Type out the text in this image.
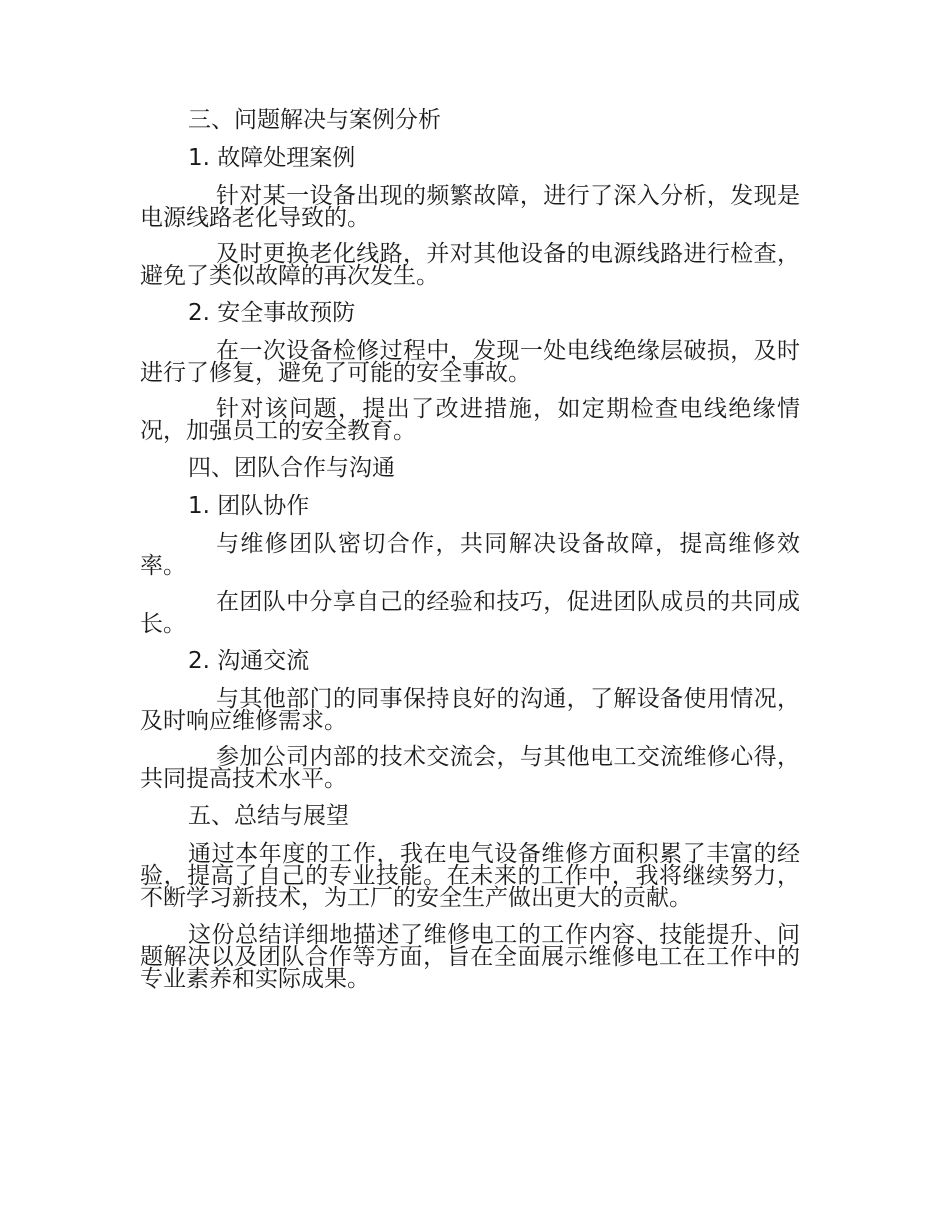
三、问题解决与案例分析
1. 故障处理案例
针对某一设备出现的频繁故障，进行了深入分析，发现是电源线路老化导致的。
及时更换老化线路，并对其他设备的电源线路进行检查，避免了类似故障的再次发生。
2. 安全事故预防
在一次设备检修过程中，发现一处电线绝缘层破损，及时进行了修复，避免了可能的安全事故。
针对该问题，提出了改进措施，如定期检查电线绝缘情况，加强员工的安全教育。
四、团队合作与沟通
1. 团队协作
与维修团队密切合作，共同解决设备故障，提高维修效率。
在团队中分享自己的经验和技巧，促进团队成员的共同成长。
2. 沟通交流
与其他部门的同事保持良好的沟通，了解设备使用情况，及时响应维修需求。
参加公司内部的技术交流会，与其他电工交流维修心得，共同提高技术水平。
五、总结与展望
通过本年度的工作，我在电气设备维修方面积累了丰富的经验，提高了自己的专业技能。在未来的工作中，我将继续努力，不断学习新技术，为工厂的安全生产做出更大的贡献。
这份总结详细地描述了维修电工的工作内容、技能提升、问题解决以及团队合作等方面，旨在全面展示维修电工在工作中的专业素养和实际成果。
